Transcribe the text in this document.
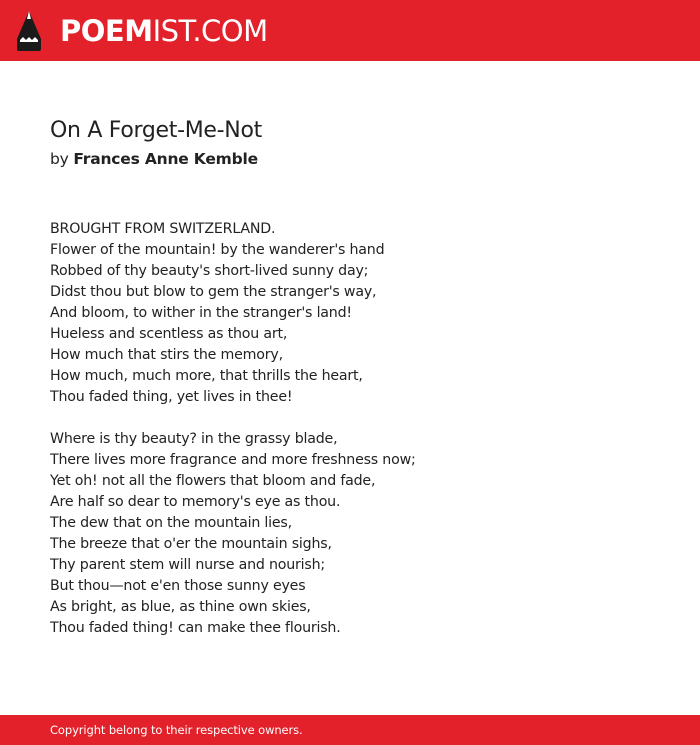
POEMIST.COM
On A Forget-Me-Not
by Frances Anne Kemble

BROUGHT FROM SWITZERLAND.
Flower of the mountain! by the wanderer's hand
Robbed of thy beauty's short-lived sunny day;
Didst thou but blow to gem the stranger's way,
And bloom, to wither in the stranger's land!
Hueless and scentless as thou art,
How much that stirs the memory,
How much, much more, that thrills the heart,
Thou faded thing, yet lives in thee!

Where is thy beauty? in the grassy blade,
There lives more fragrance and more freshness now;
Yet oh! not all the flowers that bloom and fade,
Are half so dear to memory's eye as thou.
The dew that on the mountain lies,
The breeze that o'er the mountain sighs,
Thy parent stem will nurse and nourish;
But thou—not e'en those sunny eyes
As bright, as blue, as thine own skies,
Thou faded thing! can make thee flourish.

Copyright belong to their respective owners.
